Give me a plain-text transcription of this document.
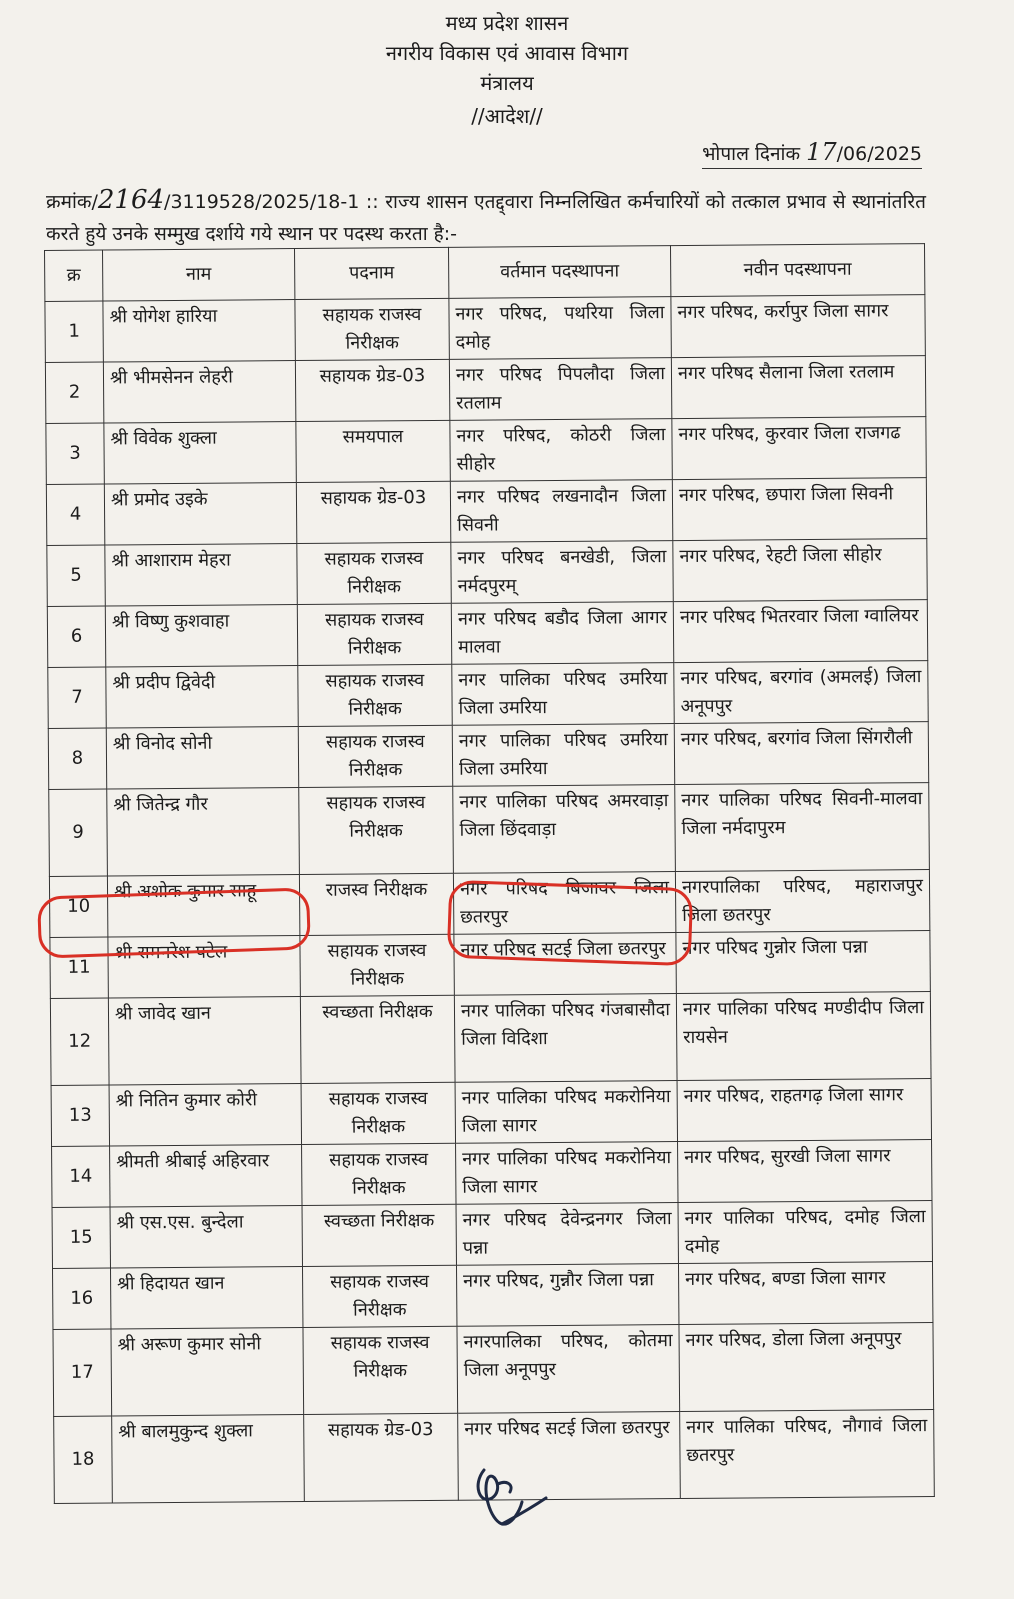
मध्य प्रदेश शासन
नगरीय विकास एवं आवास विभाग
मंत्रालय
//आदेश//
भोपाल दिनांक 17/06/2025
क्रमांक/2164/3119528/2025/18-1 :: राज्य शासन एतद्द्वारा निम्नलिखित कर्मचारियों को तत्काल प्रभाव से स्थानांतरित करते हुये उनके सम्मुख दर्शाये गये स्थान पर पदस्थ करता है:-
क्र	नाम	पदनाम	वर्तमान पदस्थापना	नवीन पदस्थापना
1	श्री योगेश हारिया	सहायक राजस्व निरीक्षक	नगर परिषद, पथरिया जिला दमोह	नगर परिषद, कर्रापुर जिला सागर
2	श्री भीमसेनन लेहरी	सहायक ग्रेड-03	नगर परिषद पिपलौदा जिला रतलाम	नगर परिषद सैलाना जिला रतलाम
3	श्री विवेक शुक्ला	समयपाल	नगर परिषद, कोठरी जिला सीहोर	नगर परिषद, कुरवार जिला राजगढ
4	श्री प्रमोद उइके	सहायक ग्रेड-03	नगर परिषद लखनादौन जिला सिवनी	नगर परिषद, छपारा जिला सिवनी
5	श्री आशाराम मेहरा	सहायक राजस्व निरीक्षक	नगर परिषद बनखेडी, जिला नर्मदपुरम्	नगर परिषद, रेहटी जिला सीहोर
6	श्री विष्णु कुशवाहा	सहायक राजस्व निरीक्षक	नगर परिषद बडौद जिला आगर मालवा	नगर परिषद भितरवार जिला ग्वालियर
7	श्री प्रदीप द्विवेदी	सहायक राजस्व निरीक्षक	नगर पालिका परिषद उमरिया जिला उमरिया	नगर परिषद, बरगांव (अमलई) जिला अनूपपुर
8	श्री विनोद सोनी	सहायक राजस्व निरीक्षक	नगर पालिका परिषद उमरिया जिला उमरिया	नगर परिषद, बरगांव जिला सिंगरौली
9	श्री जितेन्द्र गौर	सहायक राजस्व निरीक्षक	नगर पालिका परिषद अमरवाड़ा जिला छिंदवाड़ा	नगर पालिका परिषद सिवनी-मालवा जिला नर्मदापुरम
10	श्री अशोक कुमार साहू	राजस्व निरीक्षक	नगर परिषद बिजावर जिला छतरपुर	नगरपालिका परिषद, महाराजपुर जिला छतरपुर
11	श्री रामनरेश पटेल	सहायक राजस्व निरीक्षक	नगर परिषद सटई जिला छतरपुर	नगर परिषद गुन्नोर जिला पन्ना
12	श्री जावेद खान	स्वच्छता निरीक्षक	नगर पालिका परिषद गंजबासौदा जिला विदिशा	नगर पालिका परिषद मण्डीदीप जिला रायसेन
13	श्री नितिन कुमार कोरी	सहायक राजस्व निरीक्षक	नगर पालिका परिषद मकरोनिया जिला सागर	नगर परिषद, राहतगढ़ जिला सागर
14	श्रीमती श्रीबाई अहिरवार	सहायक राजस्व निरीक्षक	नगर पालिका परिषद मकरोनिया जिला सागर	नगर परिषद, सुरखी जिला सागर
15	श्री एस.एस. बुन्देला	स्वच्छता निरीक्षक	नगर परिषद देवेन्द्रनगर जिला पन्ना	नगर पालिका परिषद, दमोह जिला दमोह
16	श्री हिदायत खान	सहायक राजस्व निरीक्षक	नगर परिषद, गुन्नौर जिला पन्ना	नगर परिषद, बण्डा जिला सागर
17	श्री अरूण कुमार सोनी	सहायक राजस्व निरीक्षक	नगरपालिका परिषद, कोतमा जिला अनूपपुर	नगर परिषद, डोला जिला अनूपपुर
18	श्री बालमुकुन्द शुक्ला	सहायक ग्रेड-03	नगर परिषद सटई जिला छतरपुर	नगर पालिका परिषद, नौगावं जिला छतरपुर
